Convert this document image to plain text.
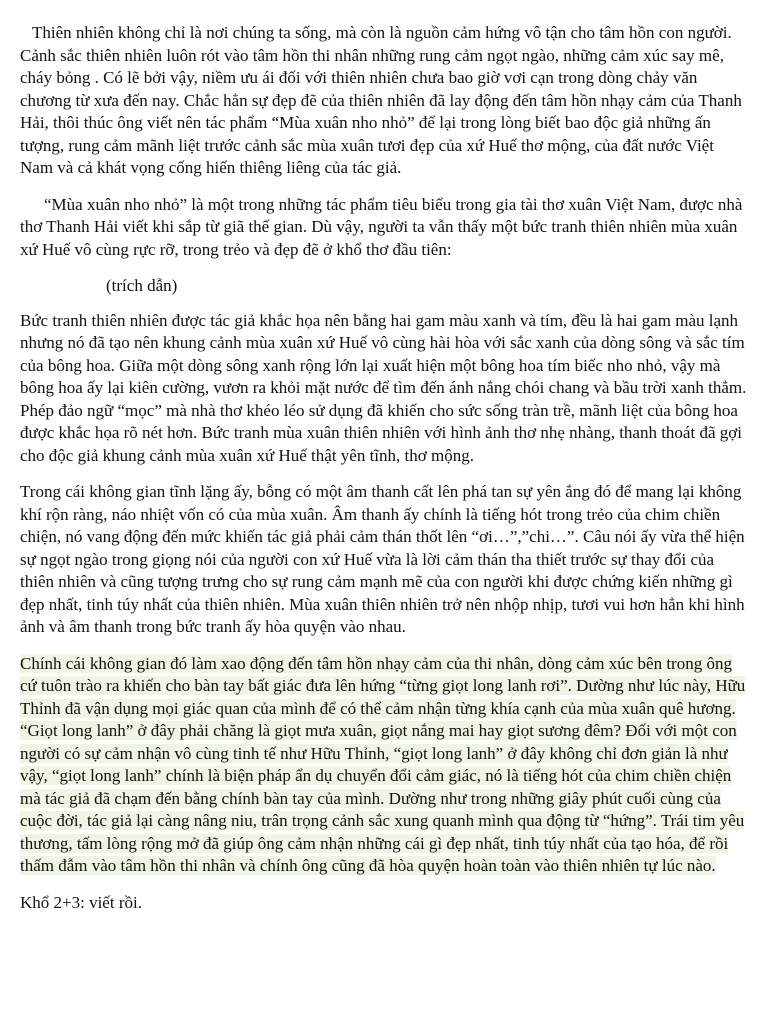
Thiên nhiên không chỉ là nơi chúng ta sống, mà còn là nguồn cảm hứng vô tận cho tâm hồn con người. Cảnh sắc thiên nhiên luôn rót vào tâm hồn thi nhân những rung cảm ngọt ngào, những cảm xúc say mê, cháy bỏng . Có lẽ bởi vậy, niềm ưu ái đối với thiên nhiên chưa bao giờ vơi cạn trong dòng chảy văn chương từ xưa đến nay. Chắc hẳn sự đẹp đẽ của thiên nhiên đã lay động đến tâm hồn nhạy cảm của Thanh Hải, thôi thúc ông viết nên tác phẩm “Mùa xuân nho nhỏ” để lại trong lòng biết bao độc giả những ấn tượng, rung cảm mãnh liệt trước cảnh sắc mùa xuân tươi đẹp của xứ Huế thơ mộng, của đất nước Việt Nam và cả khát vọng cống hiến thiêng liêng của tác giả.

“Mùa xuân nho nhỏ” là một trong những tác phẩm tiêu biểu trong gia tài thơ xuân Việt Nam, được nhà thơ Thanh Hải viết khi sắp từ giã thế gian. Dù vậy, người ta vẫn thấy một bức tranh thiên nhiên mùa xuân xứ Huế vô cùng rực rỡ, trong trẻo và đẹp đẽ ở khổ thơ đầu tiên:

(trích dẫn)

Bức tranh thiên nhiên được tác giả khắc họa nên bằng hai gam màu xanh và tím, đều là hai gam màu lạnh nhưng nó đã tạo nên khung cảnh mùa xuân xứ Huế vô cùng hài hòa với sắc xanh của dòng sông và sắc tím của bông hoa. Giữa một dòng sông xanh rộng lớn lại xuất hiện một bông hoa tím biếc nho nhỏ, vậy mà bông hoa ấy lại kiên cường, vươn ra khỏi mặt nước để tìm đến ánh nắng chói chang và bầu trời xanh thẳm. Phép đảo ngữ “mọc” mà nhà thơ khéo léo sử dụng đã khiến cho sức sống tràn trề, mãnh liệt của bông hoa được khắc họa rõ nét hơn. Bức tranh mùa xuân thiên nhiên với hình ảnh thơ nhẹ nhàng, thanh thoát đã gợi cho độc giả khung cảnh mùa xuân xứ Huế thật yên tĩnh, thơ mộng.

Trong cái không gian tĩnh lặng ấy, bỗng có một âm thanh cất lên phá tan sự yên ắng đó để mang lại không khí rộn ràng, náo nhiệt vốn có của mùa xuân. Âm thanh ấy chính là tiếng hót trong trẻo của chim chiền chiện, nó vang động đến mức khiến tác giả phải cảm thán thốt lên “ơi…”,”chi…”. Câu nói ấy vừa thể hiện sự ngọt ngào trong giọng nói của người con xứ Huế vừa là lời cảm thán tha thiết trước sự thay đổi của thiên nhiên và cũng tượng trưng cho sự rung cảm mạnh mẽ của con người khi được chứng kiến những gì đẹp nhất, tinh túy nhất của thiên nhiên. Mùa xuân thiên nhiên trở nên nhộp nhịp, tươi vui hơn hẳn khi hình ảnh và âm thanh trong bức tranh ấy hòa quyện vào nhau.

Chính cái không gian đó làm xao động đến tâm hồn nhạy cảm của thi nhân, dòng cảm xúc bên trong ông cứ tuôn trào ra khiến cho bàn tay bất giác đưa lên hứng “từng giọt long lanh rơi”. Dường như lúc này, Hữu Thỉnh đã vận dụng mọi giác quan của mình để có thể cảm nhận từng khía cạnh của mùa xuân quê hương. “Giọt long lanh” ở đây phải chăng là giọt mưa xuân, giọt nắng mai hay giọt sương đêm? Đối với một con người có sự cảm nhận vô cùng tinh tế như Hữu Thỉnh, “giọt long lanh” ở đây không chỉ đơn giản là như vậy, “giọt long lanh” chính là biện pháp ẩn dụ chuyển đổi cảm giác, nó là tiếng hót của chim chiền chiện mà tác giả đã chạm đến bằng chính bàn tay của mình. Dường như trong những giây phút cuối cùng của cuộc đời, tác giả lại càng nâng niu, trân trọng cảnh sắc xung quanh mình qua động từ “hứng”. Trái tim yêu thương, tấm lòng rộng mở đã giúp ông cảm nhận những cái gì đẹp nhất, tinh túy nhất của tạo hóa, để rồi thấm đẫm vào tâm hồn thi nhân và chính ông cũng đã hòa quyện hoàn toàn vào thiên nhiên tự lúc nào.

Khổ 2+3: viết rồi.
